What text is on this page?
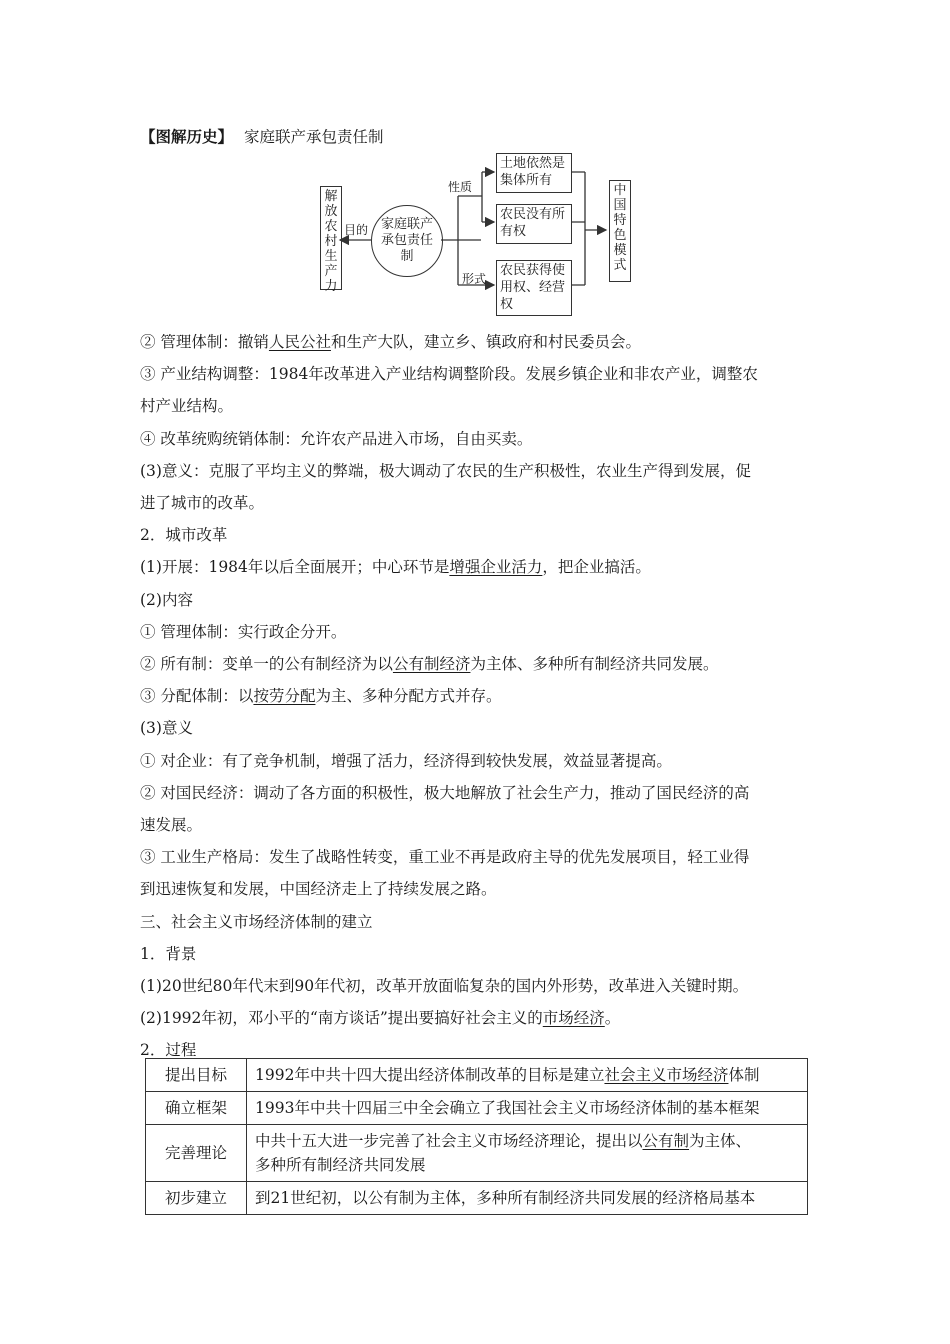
【图解历史】 家庭联产承包责任制
解放农村生产力
目的 家庭联产承包责任制
性质
形式
土地依然是集体所有
农民没有所有权
农民获得使用权、经营权
中国特色模式
② 管理体制：撤销人民公社和生产大队，建立乡、镇政府和村民委员会。
③ 产业结构调整：1984年改革进入产业结构调整阶段。发展乡镇企业和非农产业，调整农
村产业结构。
④ 改革统购统销体制：允许农产品进入市场，自由买卖。
(3)意义：克服了平均主义的弊端，极大调动了农民的生产积极性，农业生产得到发展，促
进了城市的改革。
2．城市改革
(1)开展：1984年以后全面展开；中心环节是增强企业活力，把企业搞活。
(2)内容
① 管理体制：实行政企分开。
② 所有制：变单一的公有制经济为以公有制经济为主体、多种所有制经济共同发展。
③ 分配体制：以按劳分配为主、多种分配方式并存。
(3)意义
① 对企业：有了竞争机制，增强了活力，经济得到较快发展，效益显著提高。
② 对国民经济：调动了各方面的积极性，极大地解放了社会生产力，推动了国民经济的高
速发展。
③ 工业生产格局：发生了战略性转变，重工业不再是政府主导的优先发展项目，轻工业得
到迅速恢复和发展，中国经济走上了持续发展之路。
三、社会主义市场经济体制的建立
1．背景
(1)20世纪80年代末到90年代初，改革开放面临复杂的国内外形势，改革进入关键时期。
(2)1992年初，邓小平的“南方谈话”提出要搞好社会主义的市场经济。
2．过程
提出目标	1992年中共十四大提出经济体制改革的目标是建立社会主义市场经济体制
确立框架	1993年中共十四届三中全会确立了我国社会主义市场经济体制的基本框架
完善理论	中共十五大进一步完善了社会主义市场经济理论，提出以公有制为主体、
多种所有制经济共同发展
初步建立	到21世纪初，以公有制为主体，多种所有制经济共同发展的经济格局基本
